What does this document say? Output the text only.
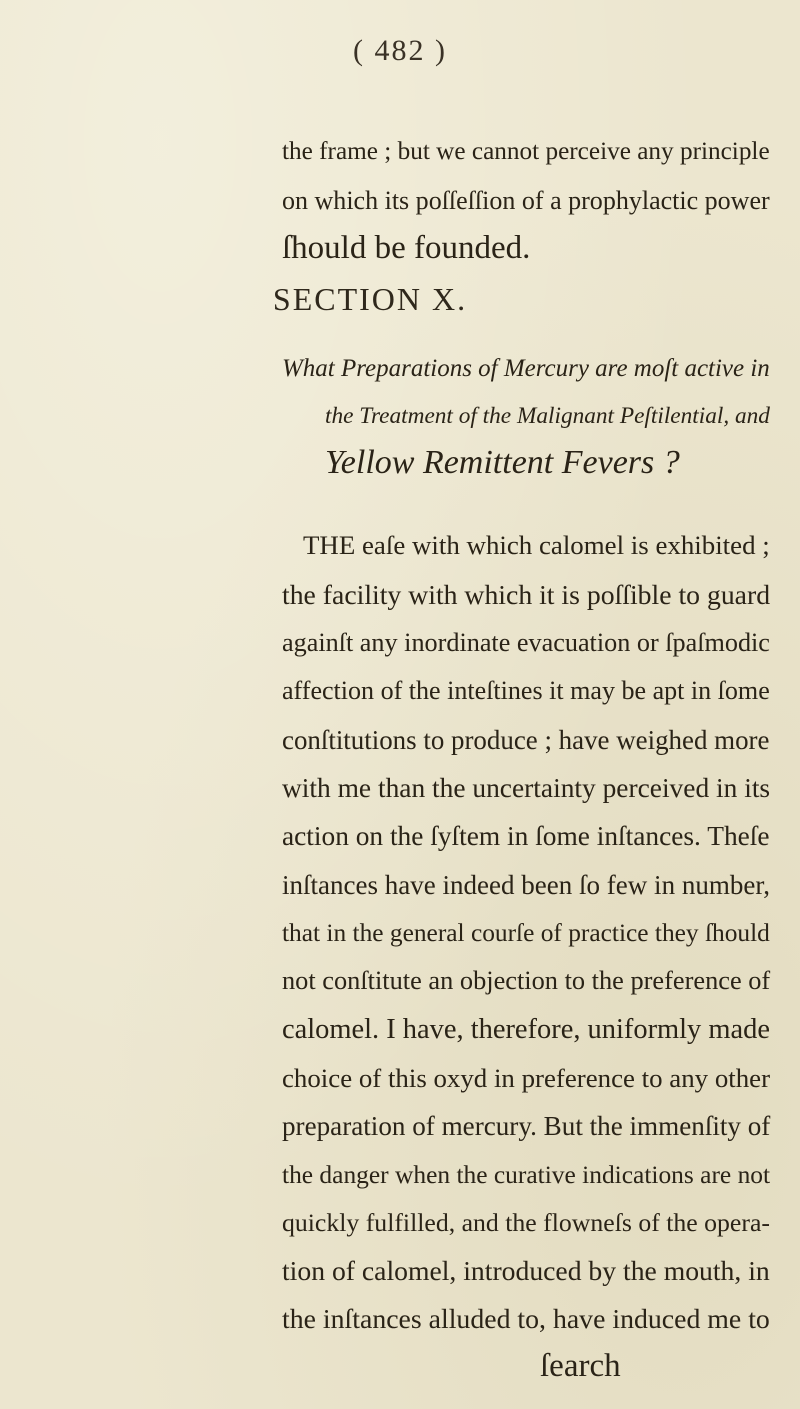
( 482 )
the frame ; but we cannot perceive any principle
on which its poſſeſſion of a prophylactic power
ſhould be founded.
SECTION X.
What Preparations of Mercury are moſt active in
the Treatment of the Malignant Peſtilential, and
Yellow Remittent Fevers ?
THE eaſe with which calomel is exhibited ;
the facility with which it is poſſible to guard
againſt any inordinate evacuation or ſpaſmodic
affection of the inteſtines it may be apt in ſome
conſtitutions to produce ; have weighed more
with me than the uncertainty perceived in its
action on the ſyſtem in ſome inſtances. Theſe
inſtances have indeed been ſo few in number,
that in the general courſe of practice they ſhould
not conſtitute an objection to the preference of
calomel. I have, therefore, uniformly made
choice of this oxyd in preference to any other
preparation of mercury. But the immenſity of
the danger when the curative indications are not
quickly fulfilled, and the flowneſs of the opera-
tion of calomel, introduced by the mouth, in
the inſtances alluded to, have induced me to
ſearch
